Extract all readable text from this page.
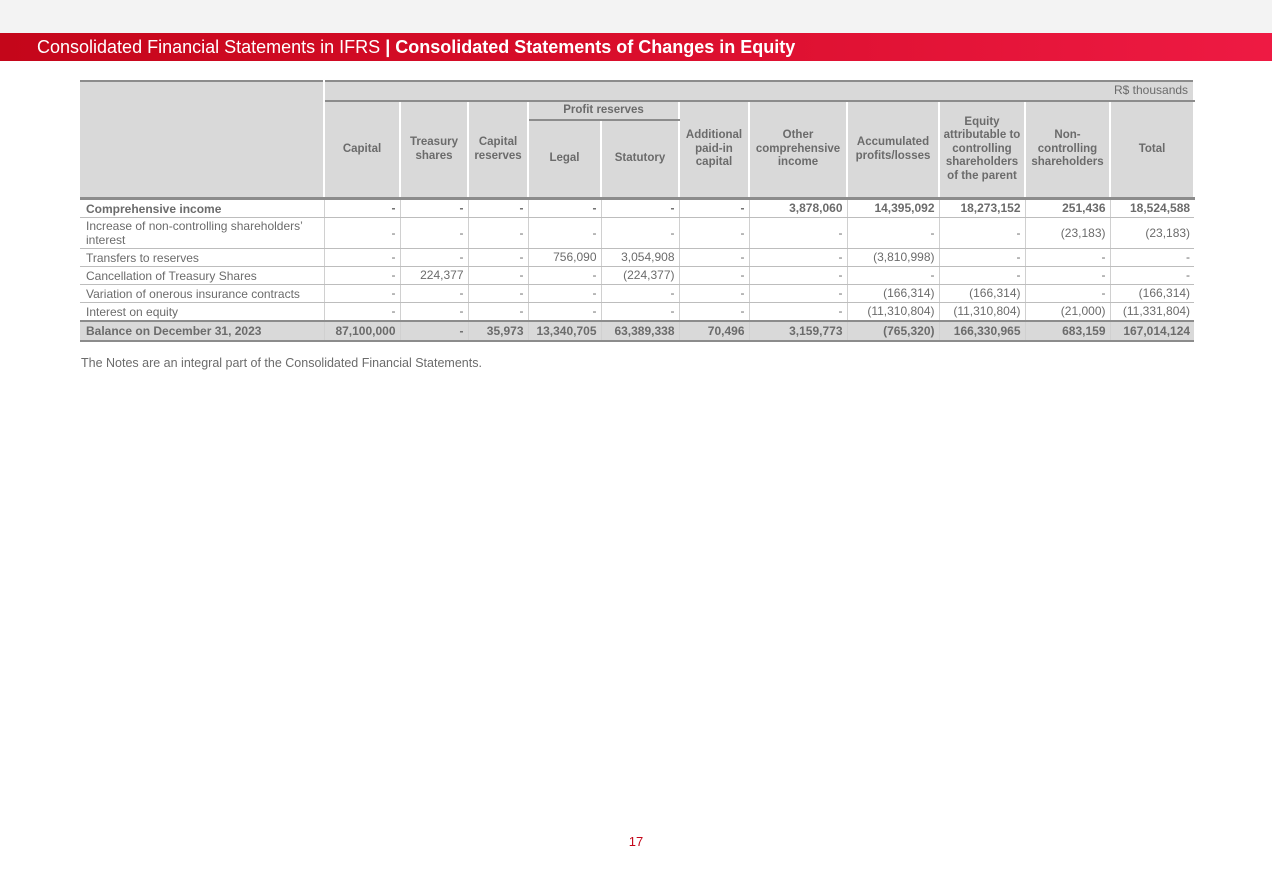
Consolidated Financial Statements in IFRS | Consolidated Statements of Changes in Equity
	R$ thousands										
	Capital	Treasury shares	Capital reserves	Profit reserves		Additional paid-in capital	Other comprehensive income	Accumulated profits/losses	Equity attributable to controlling shareholders of the parent	Non-controlling shareholders	Total
				Legal	Statutory						
Comprehensive income	-	-	-	-	-	-	3,878,060	14,395,092	18,273,152	251,436	18,524,588
Increase of non-controlling shareholders’ interest	-	-	-	-	-	-	-	-	-	(23,183)	(23,183)
Transfers to reserves	-	-	-	756,090	3,054,908	-	-	(3,810,998)	-	-	-
Cancellation of Treasury Shares	-	224,377	-	-	(224,377)	-	-	-	-	-	-
Variation of onerous insurance contracts	-	-	-	-	-	-	-	(166,314)	(166,314)	-	(166,314)
Interest on equity	-	-	-	-	-	-	-	(11,310,804)	(11,310,804)	(21,000)	(11,331,804)
Balance on December 31, 2023	87,100,000	-	35,973	13,340,705	63,389,338	70,496	3,159,773	(765,320)	166,330,965	683,159	167,014,124
The Notes are an integral part of the Consolidated Financial Statements.
17
